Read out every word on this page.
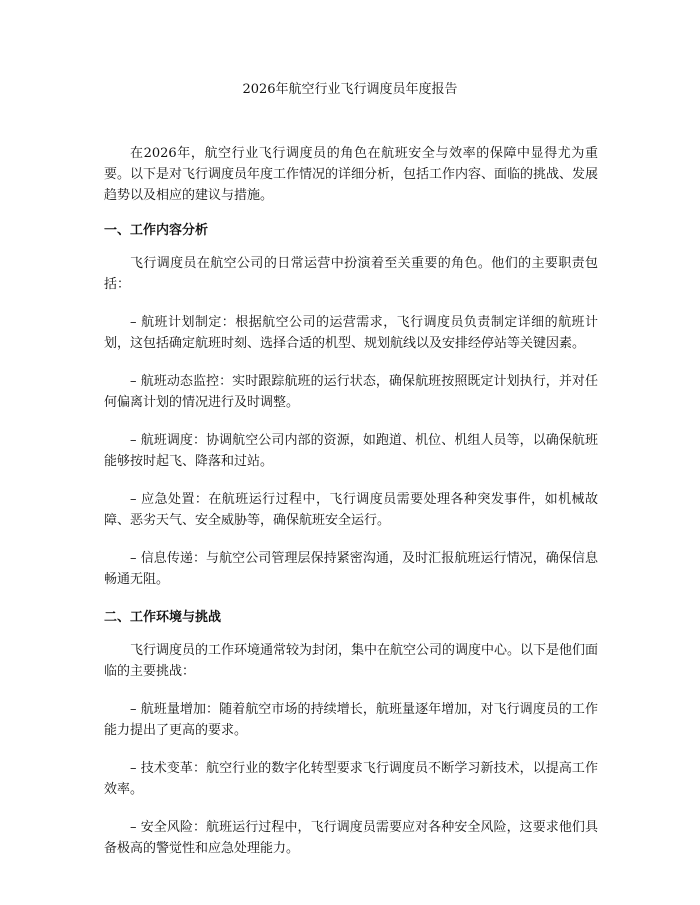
2026年航空行业飞行调度员年度报告

在2026年，航空行业飞行调度员的角色在航班安全与效率的保障中显得尤为重要。以下是对飞行调度员年度工作情况的详细分析，包括工作内容、面临的挑战、发展趋势以及相应的建议与措施。

一、工作内容分析

飞行调度员在航空公司的日常运营中扮演着至关重要的角色。他们的主要职责包括：

– 航班计划制定：根据航空公司的运营需求，飞行调度员负责制定详细的航班计划，这包括确定航班时刻、选择合适的机型、规划航线以及安排经停站等关键因素。

– 航班动态监控：实时跟踪航班的运行状态，确保航班按照既定计划执行，并对任何偏离计划的情况进行及时调整。

– 航班调度：协调航空公司内部的资源，如跑道、机位、机组人员等，以确保航班能够按时起飞、降落和过站。

– 应急处置：在航班运行过程中，飞行调度员需要处理各种突发事件，如机械故障、恶劣天气、安全威胁等，确保航班安全运行。

– 信息传递：与航空公司管理层保持紧密沟通，及时汇报航班运行情况，确保信息畅通无阻。

二、工作环境与挑战

飞行调度员的工作环境通常较为封闭，集中在航空公司的调度中心。以下是他们面临的主要挑战：

– 航班量增加：随着航空市场的持续增长，航班量逐年增加，对飞行调度员的工作能力提出了更高的要求。

– 技术变革：航空行业的数字化转型要求飞行调度员不断学习新技术，以提高工作效率。

– 安全风险：航班运行过程中，飞行调度员需要应对各种安全风险，这要求他们具备极高的警觉性和应急处理能力。
